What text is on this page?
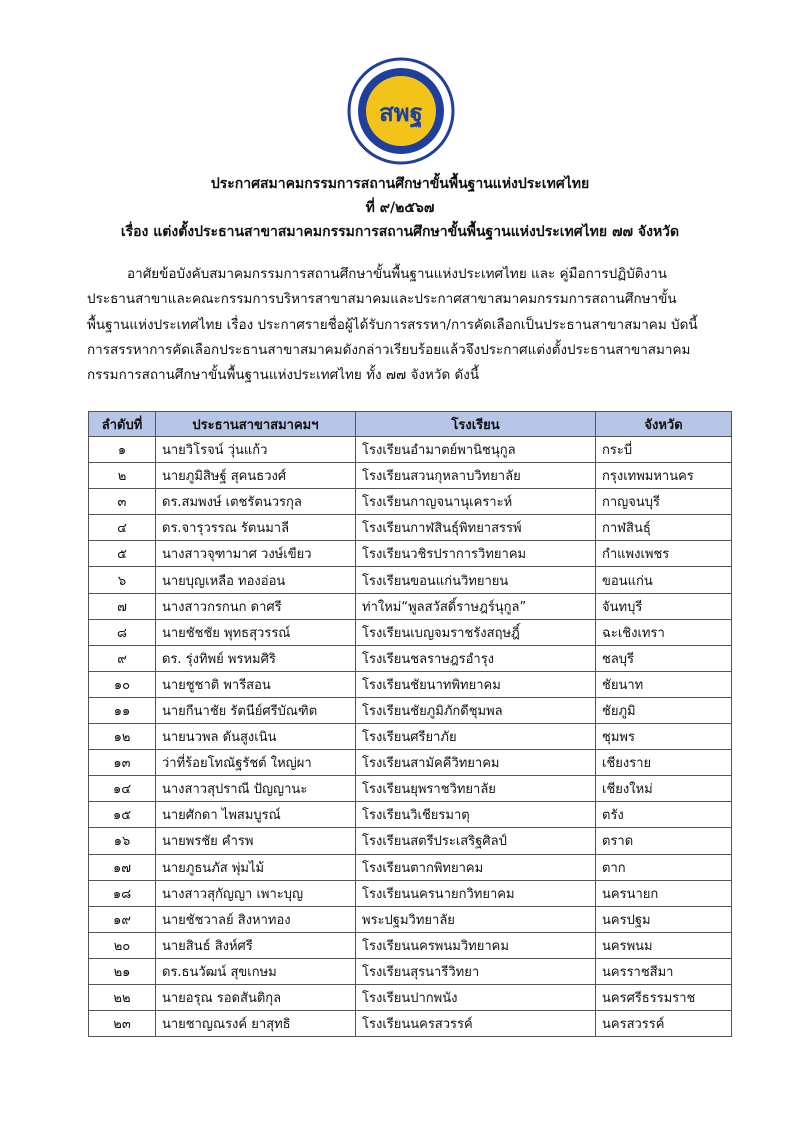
สพฐ
ประกาศสมาคมกรรมการสถานศึกษาขั้นพื้นฐานแห่งประเทศไทย
ที่ ๙/๒๕๖๗
เรื่อง แต่งตั้งประธานสาขาสมาคมกรรมการสถานศึกษาขั้นพื้นฐานแห่งประเทศไทย ๗๗ จังหวัด
อาศัยข้อบังคับสมาคมกรรมการสถานศึกษาขั้นพื้นฐานแห่งประเทศไทย และ คู่มือการปฏิบัติงาน
ประธานสาขาและคณะกรรมการบริหารสาขาสมาคมและประกาศสาขาสมาคมกรรมการสถานศึกษาขั้น
พื้นฐานแห่งประเทศไทย เรื่อง ประกาศรายชื่อผู้ได้รับการสรรหา/การคัดเลือกเป็นประธานสาขาสมาคม บัดนี้
การสรรหาการคัดเลือกประธานสาขาสมาคมดังกล่าวเรียบร้อยแล้วจึงประกาศแต่งตั้งประธานสาขาสมาคม
กรรมการสถานศึกษาขั้นพื้นฐานแห่งประเทศไทย ทั้ง ๗๗ จังหวัด ดังนี้
ลำดับที่	ประธานสาขาสมาคมฯ	โรงเรียน	จังหวัด
๑	นายวิโรจน์ วุ่นแก้ว	โรงเรียนอำมาตย์พานิชนุกูล	กระบี่
๒	นายภูมิสิษฐ์ สุคนธวงศ์	โรงเรียนสวนกุหลาบวิทยาลัย	กรุงเทพมหานคร
๓	ดร.สมพงษ์ เตชรัตนวรกุล	โรงเรียนกาญจนานุเคราะห์	กาญจนบุรี
๔	ดร.จารุวรรณ รัตนมาลี	โรงเรียนกาฬสินธุ์พิทยาสรรพ์	กาฬสินธุ์
๕	นางสาวจุฑามาศ วงษ์เขียว	โรงเรียนวชิรปราการวิทยาคม	กำแพงเพชร
๖	นายบุญเหลือ ทองอ่อน	โรงเรียนขอนแก่นวิทยายน	ขอนแก่น
๗	นางสาวกรกนก ดาศรี	ท่าใหม่“พูลสวัสดิ์ราษฎร์นุกูล”	จันทบุรี
๘	นายชัชชัย พุทธสุวรรณ์	โรงเรียนเบญจมราชรังสฤษฎิ์	ฉะเชิงเทรา
๙	ดร. รุ่งทิพย์ พรหมศิริ	โรงเรียนชลราษฎรอำรุง	ชลบุรี
๑๐	นายชูชาติ พารีสอน	โรงเรียนชัยนาทพิทยาคม	ชัยนาท
๑๑	นายกีนาชัย รัตนีย์ศรีบัณฑิต	โรงเรียนชัยภูมิภักดีชุมพล	ชัยภูมิ
๑๒	นายนวพล ดันสูงเนิน	โรงเรียนศรียาภัย	ชุมพร
๑๓	ว่าที่ร้อยโทณัฐรัชต์ ใหญ่ผา	โรงเรียนสามัคคีวิทยาคม	เชียงราย
๑๔	นางสาวสุปราณี ปัญญานะ	โรงเรียนยุพราชวิทยาลัย	เชียงใหม่
๑๕	นายศักดา ไพสมบูรณ์	โรงเรียนวิเชียรมาตุ	ตรัง
๑๖	นายพรชัย คำรพ	โรงเรียนสตรีประเสริฐศิลป์	ตราด
๑๗	นายภูธนภัส พุ่มไม้	โรงเรียนตากพิทยาคม	ตาก
๑๘	นางสาวสุกัญญา เพาะบุญ	โรงเรียนนครนายกวิทยาคม	นครนายก
๑๙	นายชัชวาลย์ สิงหาทอง	พระปฐมวิทยาลัย	นครปฐม
๒๐	นายสินธ์ สิงห์ศรี	โรงเรียนนครพนมวิทยาคม	นครพนม
๒๑	ดร.ธนวัฒน์ สุขเกษม	โรงเรียนสุรนารีวิทยา	นครราชสีมา
๒๒	นายอรุณ รอดสันติกุล	โรงเรียนปากพนัง	นครศรีธรรมราช
๒๓	นายชาญณรงค์ ยาสุทธิ	โรงเรียนนครสวรรค์	นครสวรรค์
